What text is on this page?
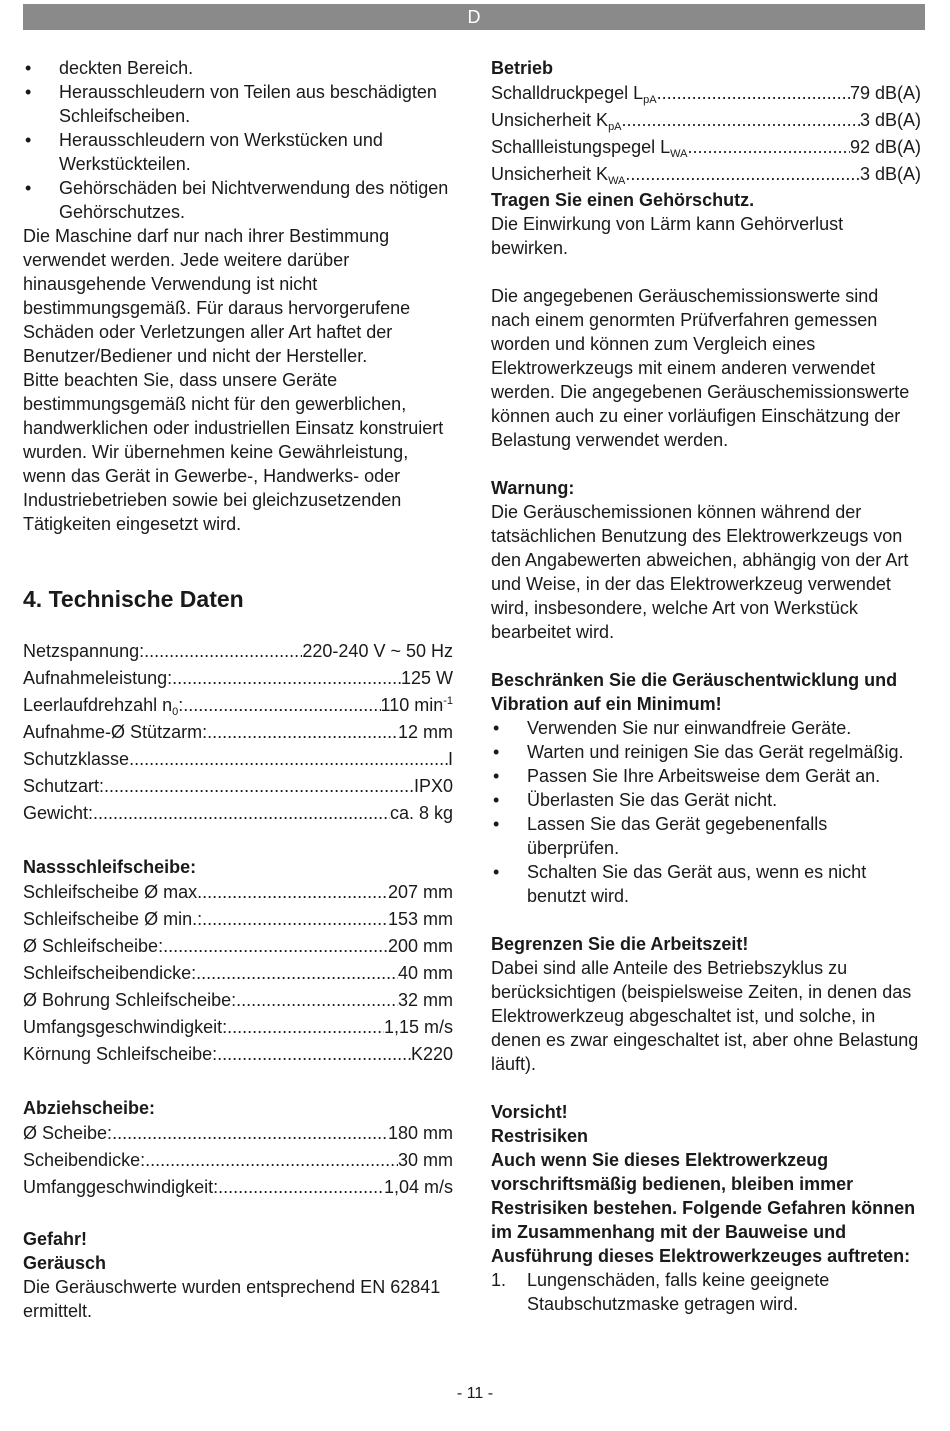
D

• deckten Bereich.

• Herausschleudern von Teilen aus beschädigten Schleifscheiben.

• Herausschleudern von Werkstücken und Werkstückteilen.

• Gehörschäden bei Nichtverwendung des nötigen Gehörschutzes.

Die Maschine darf nur nach ihrer Bestimmung verwendet werden. Jede weitere darüber hinausgehende Verwendung ist nicht bestimmungsgemäß. Für daraus hervorgerufene Schäden oder Verletzungen aller Art haftet der Benutzer/Bediener und nicht der Hersteller.

Bitte beachten Sie, dass unsere Geräte bestimmungsgemäß nicht für den gewerblichen, handwerklichen oder industriellen Einsatz konstruiert wurden. Wir übernehmen keine Gewährleistung, wenn das Gerät in Gewerbe-, Handwerks- oder Industriebetrieben sowie bei gleichzusetzenden Tätigkeiten eingesetzt wird.

4. Technische Daten
Netzspannung: .....	220-240 V ~ 50 Hz
Aufnahmeleistung: .....	125 W
Leerlaufdrehzahl $n_0$: .....	110 $\min^{-1}$
Aufnahme-Ø Stützarm: .....	12 mm
Schutzklasse .....	I
Schutzart: .....	IPX0
Gewicht: .....	ca. 8 kg

Nassschleifscheibe:

Schleifscheibe Ø max. .....	207 mm
Schleifscheibe Ø min.: .....	153 mm
Ø Schleifscheibe: .....	200 mm
Schleifscheibendicke: .....	40 mm
Ø Bohrung Schleifscheibe: .....	32 mm
Umfangsgeschwindigkeit: .....	1,15 m/s
Körnung Schleifscheibe: .....	K220

Abziehscheibe:

Ø Scheibe: .....	180 mm
Scheibendicke: .....	30 mm
Umfanggeschwindigkeit: .....	1,04 m/s

Gefahr!

Geräusch

Die Geräuschwerte wurden entsprechend EN 62841 ermittelt.

Betrieb

Schalldruckpegel $L_{pA}$ .....	79 dB(A)
Unsicherheit $K_{pA}$ .....	3 dB(A)
Schallleistungspegel $L_{WA}$ .....	92 dB(A)
Unsicherheit $K_{WA}$ .....	3 dB(A)

Tragen Sie einen Gehörschutz.

Die Einwirkung von Lärm kann Gehörverlust bewirken.

Die angegebenen Geräuschemissionswerte sind nach einem genormten Prüfverfahren gemessen worden und können zum Vergleich eines Elektrowerkzeugs mit einem anderen verwendet werden. Die angegebenen Geräuschemissionswerte können auch zu einer vorläufigen Einschätzung der Belastung verwendet werden.

Warnung:

Die Geräuschemissionen können während der tatsächlichen Benutzung des Elektrowerkzeugs von den Angabewerten abweichen, abhängig von der Art und Weise, in der das Elektrowerkzeug verwendet wird, insbesondere, welche Art von Werkstück bearbeitet wird.

Beschränken Sie die Geräuschentwicklung und Vibration auf ein Minimum!

• Verwenden Sie nur einwandfreie Geräte.

• Warten und reinigen Sie das Gerät regelmäßig.

• Passen Sie Ihre Arbeitsweise dem Gerät an.

• Überlasten Sie das Gerät nicht.

• Lassen Sie das Gerät gegebenenfalls überprüfen.

• Schalten Sie das Gerät aus, wenn es nicht benutzt wird.

Begrenzen Sie die Arbeitszeit!

Dabei sind alle Anteile des Betriebszyklus zu berücksichtigen (beispielsweise Zeiten, in denen das Elektrowerkzeug abgeschaltet ist, und solche, in denen es zwar eingeschaltet ist, aber ohne Belastung läuft).

Vorsicht!

Restrisiken

Auch wenn Sie dieses Elektrowerkzeug vorschriftsmäßig bedienen, bleiben immer Restrisiken bestehen. Folgende Gefahren können im Zusammenhang mit der Bauweise und Ausführung dieses Elektrowerkzeuges auftreten:

1. Lungenschäden, falls keine geeignete Staubschutzmaske getragen wird.

- 11 -
